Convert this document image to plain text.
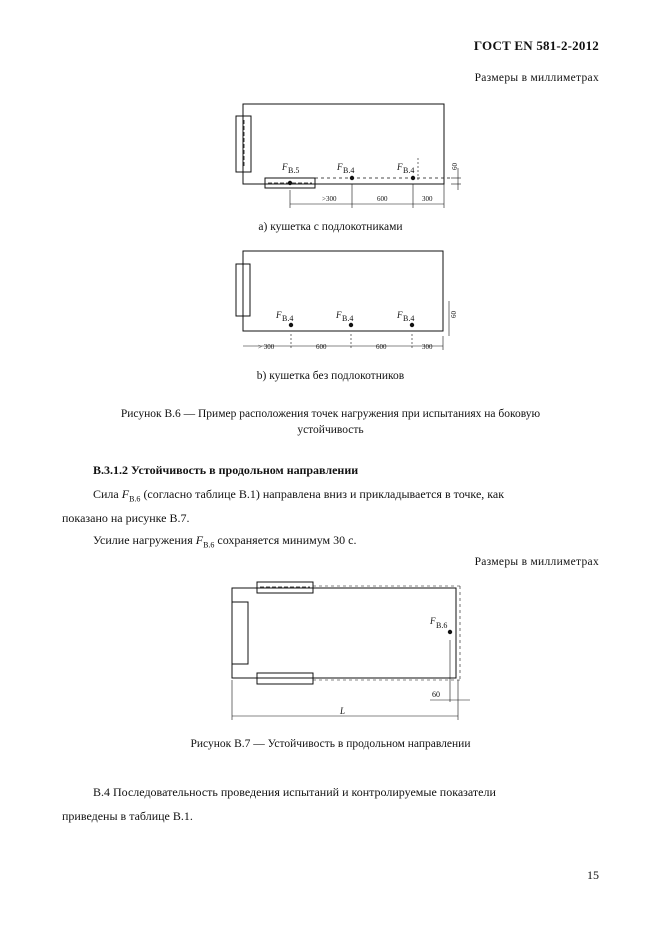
ГОСТ EN 581-2-2012
Размеры в миллиметрах
F B.5	F B.4	F B.4
>300	600	300
60
а) кушетка с подлокотниками
F B.4	F B.4	F B.4
> 300	600	600	300
60
b) кушетка без подлокотников
Рисунок В.6 — Пример расположения точек нагружения при испытаниях на боковую
устойчивость
В.3.1.2 Устойчивость в продольном направлении
Сила $F_{B.6}$ (согласно таблице В.1) направлена вниз и прикладывается в точке, как
показано на рисунке В.7.
Усилие нагружения $F_{B.6}$ сохраняется минимум 30 с.
Размеры в миллиметрах
F B.6
60
L
Рисунок В.7 — Устойчивость в продольном направлении
В.4 Последовательность проведения испытаний и контролируемые показатели
приведены в таблице В.1.
15
